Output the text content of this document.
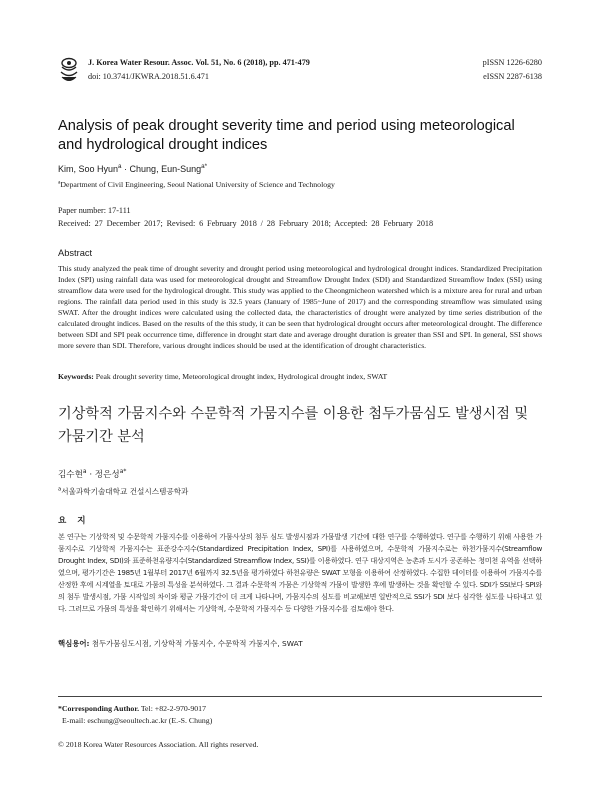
J. Korea Water Resour. Assoc. Vol. 51, No. 6 (2018), pp. 471-479
doi: 10.3741/JKWRA.2018.51.6.471
pISSN 1226-6280
eISSN 2287-6138
Analysis of peak drought severity time and period using meteorological and hydrological drought indices
Kim, Soo Hyun$^a$ · Chung, Eun-Sung$^{a*}$
$^a$Department of Civil Engineering, Seoul National University of Science and Technology
Paper number: 17-111
Received: 27 December 2017; Revised: 6 February 2018 / 28 February 2018; Accepted: 28 February 2018
Abstract
This study analyzed the peak time of drought severity and drought period using meteorological and hydrological drought indices. Standardized Precipitation Index (SPI) using rainfall data was used for meteorological drought and Streamflow Drought Index (SDI) and Standardized Streamflow Index (SSI) using streamflow data were used for the hydrological drought. This study was applied to the Cheongmicheon watershed which is a mixture area for rural and urban regions. The rainfall data period used in this study is 32.5 years (January of 1985~June of 2017) and the corresponding streamflow was simulated using SWAT. After the drought indices were calculated using the collected data, the characteristics of drought were analyzed by time series distribution of the calculated drought indices. Based on the results of the this study, it can be seen that hydrological drought occurs after meteorological drought. The difference between SDI and SPI peak occurrence time, difference in drought start date and average drought duration is greater than SSI and SPI. In general, SSI shows more severe than SDI. Therefore, various drought indices should be used at the identification of drought characteristics.
Keywords: Peak drought severity time, Meteorological drought index, Hydrological drought index, SWAT
기상학적 가뭄지수와 수문학적 가뭄지수를 이용한 첨두가뭄심도 발생시점 및 가뭄기간 분석
김수현$^a$ · 정은성$^{a*}$
$^a$서울과학기술대학교 건설시스템공학과
요 지
본 연구는 기상학적 및 수문학적 가뭄지수를 이용하여 가뭄사상의 첨두 심도 발생시점과 가뭄발생 기간에 대한 연구를 수행하였다. 연구를 수행하기 위해 사용한 가뭄지수로 기상학적 가뭄지수는 표준강수지수(Standardized Precipitation Index, SPI)를 사용하였으며, 수문학적 가뭄지수로는 하천가뭄지수(Streamflow Drought Index, SDI)와 표준하천유량지수(Standardized Streamflow Index, SSI)를 이용하였다. 연구 대상지역은 농촌과 도시가 공존하는 청미천 유역을 선택하였으며, 평가기간은 1985년 1월부터 2017년 6월까지 32.5년을 평가하였다 하천유량은 SWAT 모형을 이용하여 산정하였다. 수집한 데이터를 이용하여 가뭄지수를 산정한 후에 시계열을 토대로 가뭄의 특성을 분석하였다. 그 결과 수문학적 가뭄은 기상학적 가뭄이 발생한 후에 발생하는 것을 확인할 수 있다. SDI가 SSI보다 SPI와의 첨두 발생시점, 가뭄 시작일의 차이와 평균 가뭄기간이 더 크게 나타나며, 가뭄지수의 심도를 비교해보면 일반적으로 SSI가 SDI 보다 심각한 심도를 나타내고 있다. 그러므로 가뭄의 특성을 확인하기 위해서는 기상학적, 수문학적 가뭄지수 등 다양한 가뭄지수를 검토해야 한다.
핵심용어: 첨두가뭄심도시점, 기상학적 가뭄지수, 수문학적 가뭄지수, SWAT
*Corresponding Author. Tel: +82-2-970-9017
E-mail: eschung@seoultech.ac.kr (E.-S. Chung)
© 2018 Korea Water Resources Association. All rights reserved.
